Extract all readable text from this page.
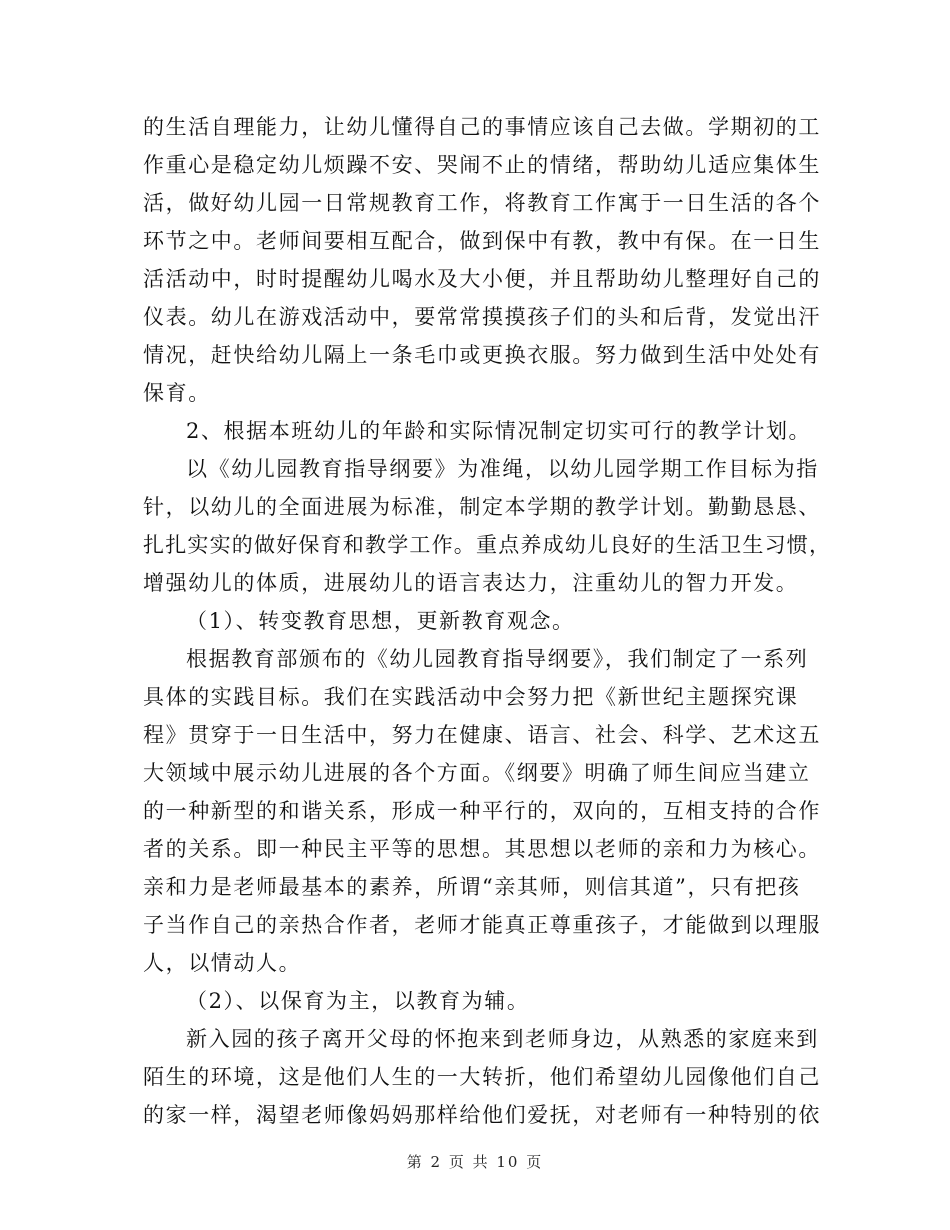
的生活自理能力，让幼儿懂得自己的事情应该自己去做。学期初的工
作重心是稳定幼儿烦躁不安、哭闹不止的情绪，帮助幼儿适应集体生
活，做好幼儿园一日常规教育工作，将教育工作寓于一日生活的各个
环节之中。老师间要相互配合，做到保中有教，教中有保。在一日生
活活动中，时时提醒幼儿喝水及大小便，并且帮助幼儿整理好自己的
仪表。幼儿在游戏活动中，要常常摸摸孩子们的头和后背，发觉出汗
情况，赶快给幼儿隔上一条毛巾或更换衣服。努力做到生活中处处有
保育。
2、根据本班幼儿的年龄和实际情况制定切实可行的教学计划。
以《幼儿园教育指导纲要》为准绳，以幼儿园学期工作目标为指
针，以幼儿的全面进展为标准，制定本学期的教学计划。勤勤恳恳、
扎扎实实的做好保育和教学工作。重点养成幼儿良好的生活卫生习惯，
增强幼儿的体质，进展幼儿的语言表达力，注重幼儿的智力开发。
（1）、转变教育思想，更新教育观念。
根据教育部颁布的《幼儿园教育指导纲要》，我们制定了一系列
具体的实践目标。我们在实践活动中会努力把《新世纪主题探究课
程》贯穿于一日生活中，努力在健康、语言、社会、科学、艺术这五
大领域中展示幼儿进展的各个方面。《纲要》明确了师生间应当建立
的一种新型的和谐关系，形成一种平行的，双向的，互相支持的合作
者的关系。即一种民主平等的思想。其思想以老师的亲和力为核心。
亲和力是老师最基本的素养，所谓“亲其师，则信其道”，只有把孩
子当作自己的亲热合作者，老师才能真正尊重孩子，才能做到以理服
人，以情动人。
（2）、以保育为主，以教育为辅。
新入园的孩子离开父母的怀抱来到老师身边，从熟悉的家庭来到
陌生的环境，这是他们人生的一大转折，他们希望幼儿园像他们自己
的家一样，渴望老师像妈妈那样给他们爱抚，对老师有一种特别的依
第 2 页 共 10 页
